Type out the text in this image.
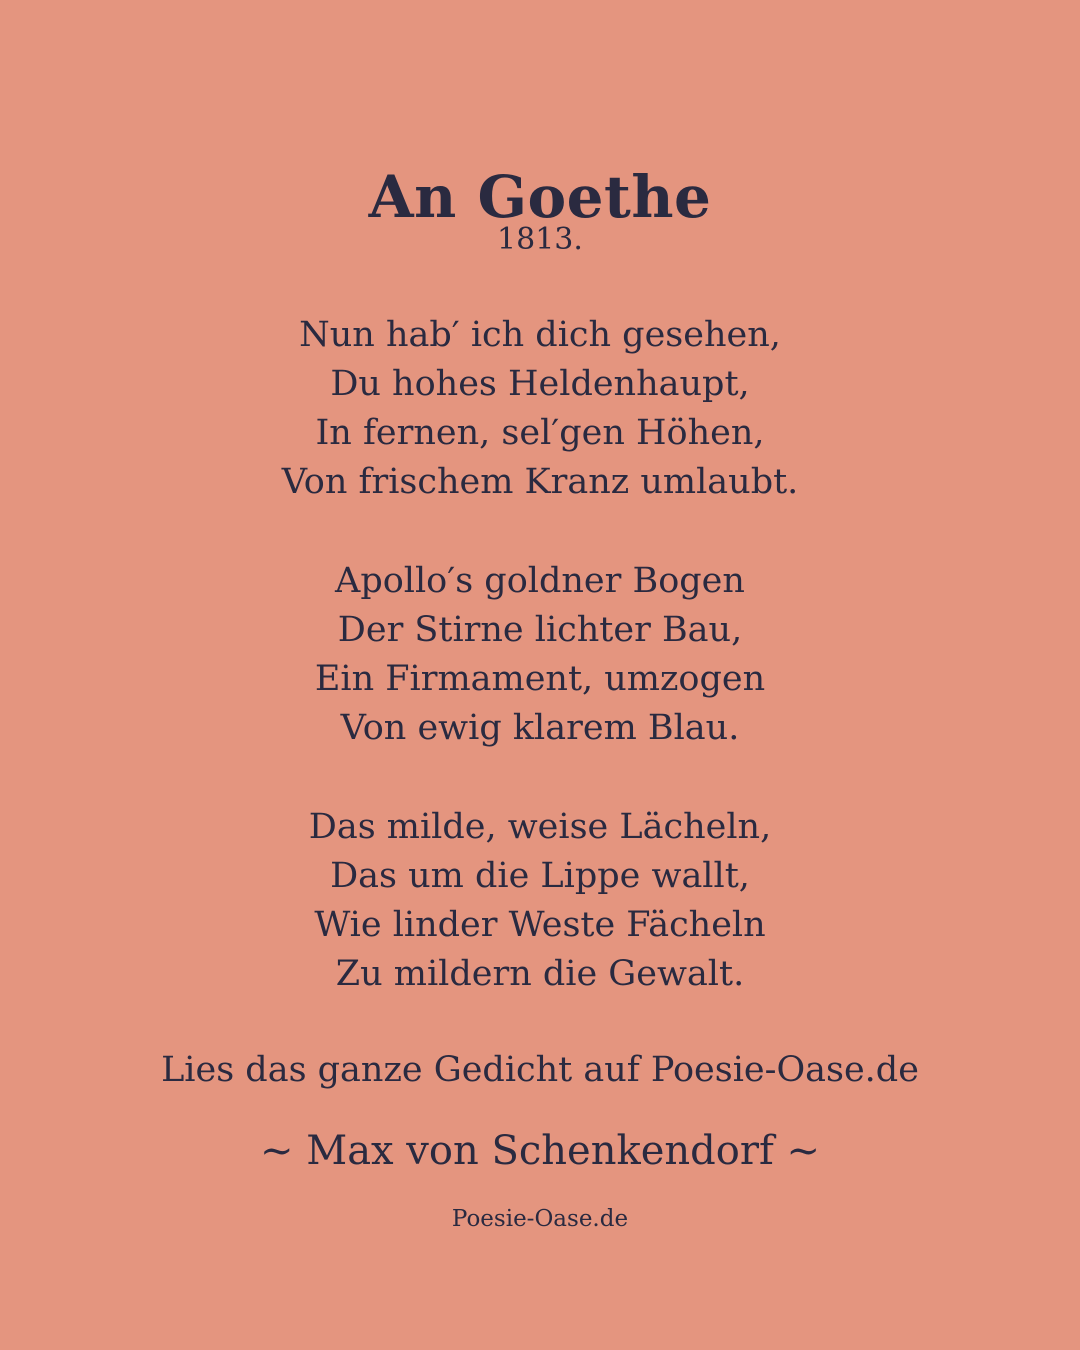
An Goethe
1813.
Nun hab′ ich dich gesehen,
Du hohes Heldenhaupt,
In fernen, sel′gen Höhen,
Von frischem Kranz umlaubt.
Apollo′s goldner Bogen
Der Stirne lichter Bau,
Ein Firmament, umzogen
Von ewig klarem Blau.
Das milde, weise Lächeln,
Das um die Lippe wallt,
Wie linder Weste Fächeln
Zu mildern die Gewalt.
Lies das ganze Gedicht auf Poesie-Oase.de
~ Max von Schenkendorf ~
Poesie-Oase.de
